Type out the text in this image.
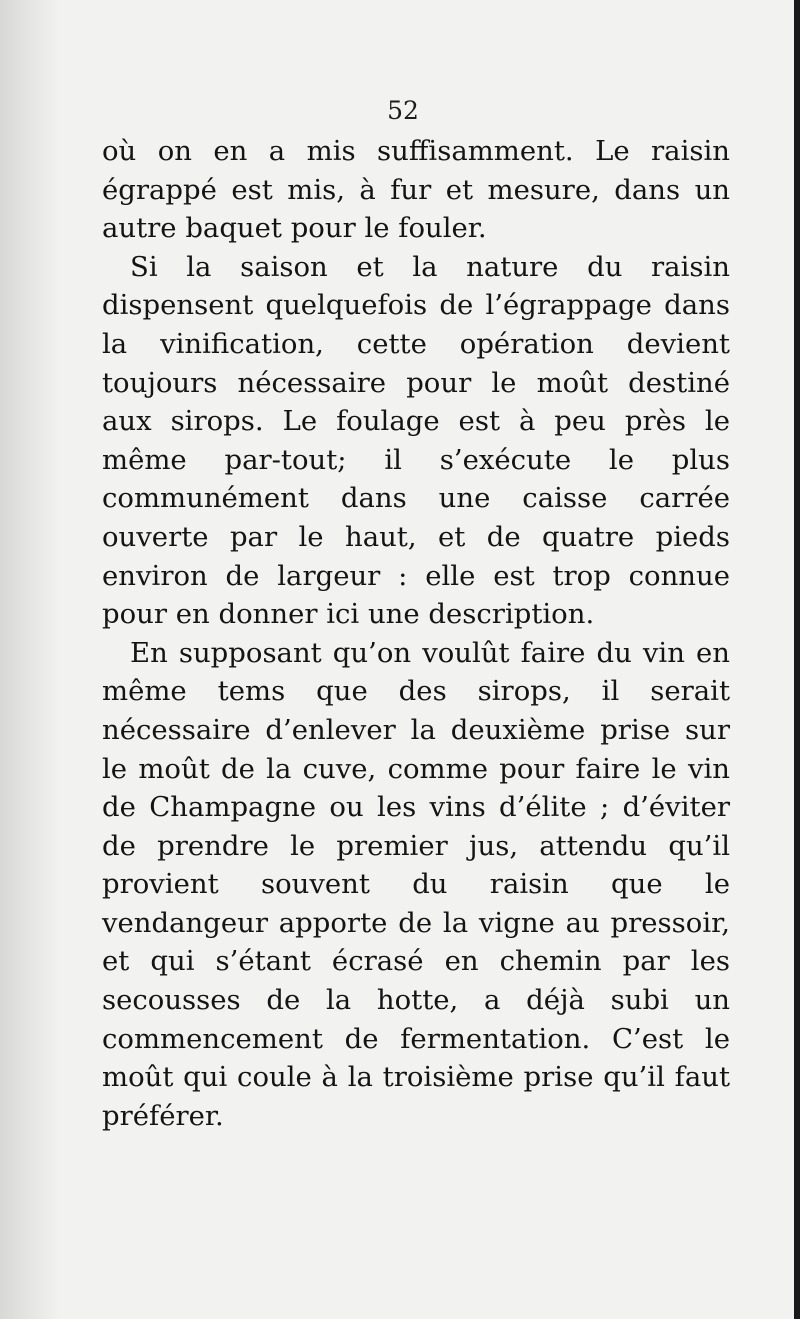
52

où on en a mis suffisamment. Le raisin égrappé est mis, à fur et mesure, dans un autre baquet pour le fouler.

Si la saison et la nature du raisin dispensent quelquefois de l’égrappage dans la vinification, cette opération devient toujours nécessaire pour le moût destiné aux sirops. Le foulage est à peu près le même par-tout; il s’exécute le plus communément dans une caisse carrée ouverte par le haut, et de quatre pieds environ de largeur : elle est trop connue pour en donner ici une description.

En supposant qu’on voulût faire du vin en même tems que des sirops, il serait nécessaire d’enlever la deuxième prise sur le moût de la cuve, comme pour faire le vin de Champagne ou les vins d’élite ; d’éviter de prendre le premier jus, attendu qu’il provient souvent du raisin que le vendangeur apporte de la vigne au pressoir, et qui s’étant écrasé en chemin par les secousses de la hotte, a déjà subi un commencement de fermentation. C’est le moût qui coule à la troisième prise qu’il faut préférer.
